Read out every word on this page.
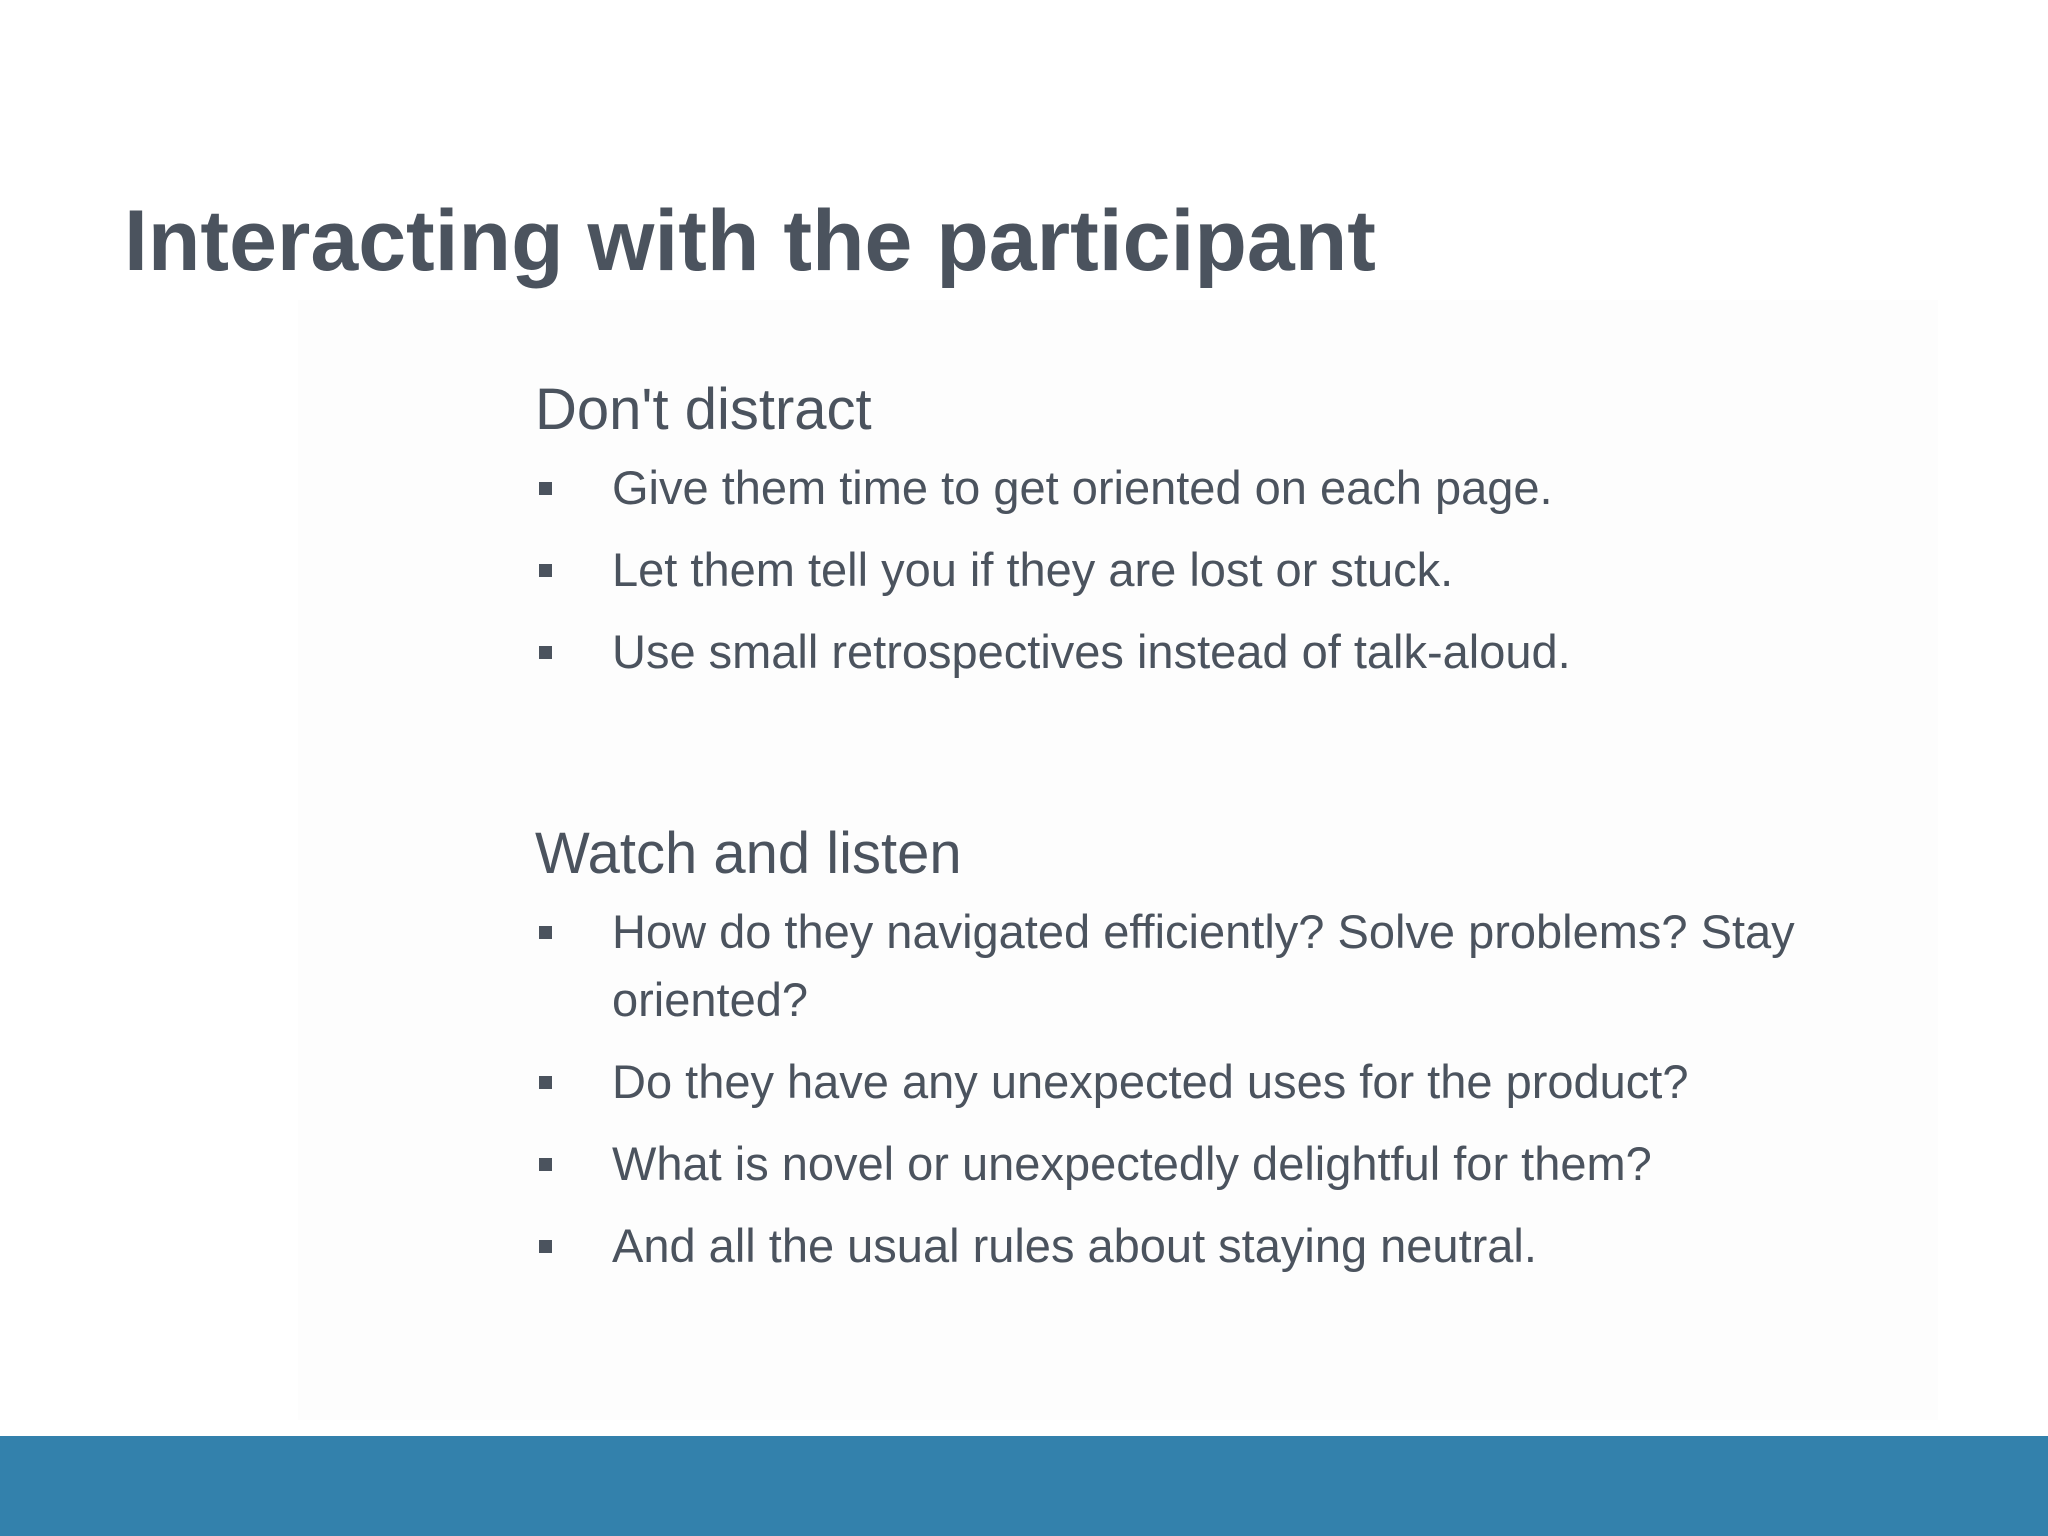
Interacting with the participant
Don't distract
Give them time to get oriented on each page.
Let them tell you if they are lost or stuck.
Use small retrospectives instead of talk-aloud.
Watch and listen
How do they navigated efficiently? Solve problems? Stay oriented?
Do they have any unexpected uses for the product?
What is novel or unexpectedly delightful for them?
And all the usual rules about staying neutral.
